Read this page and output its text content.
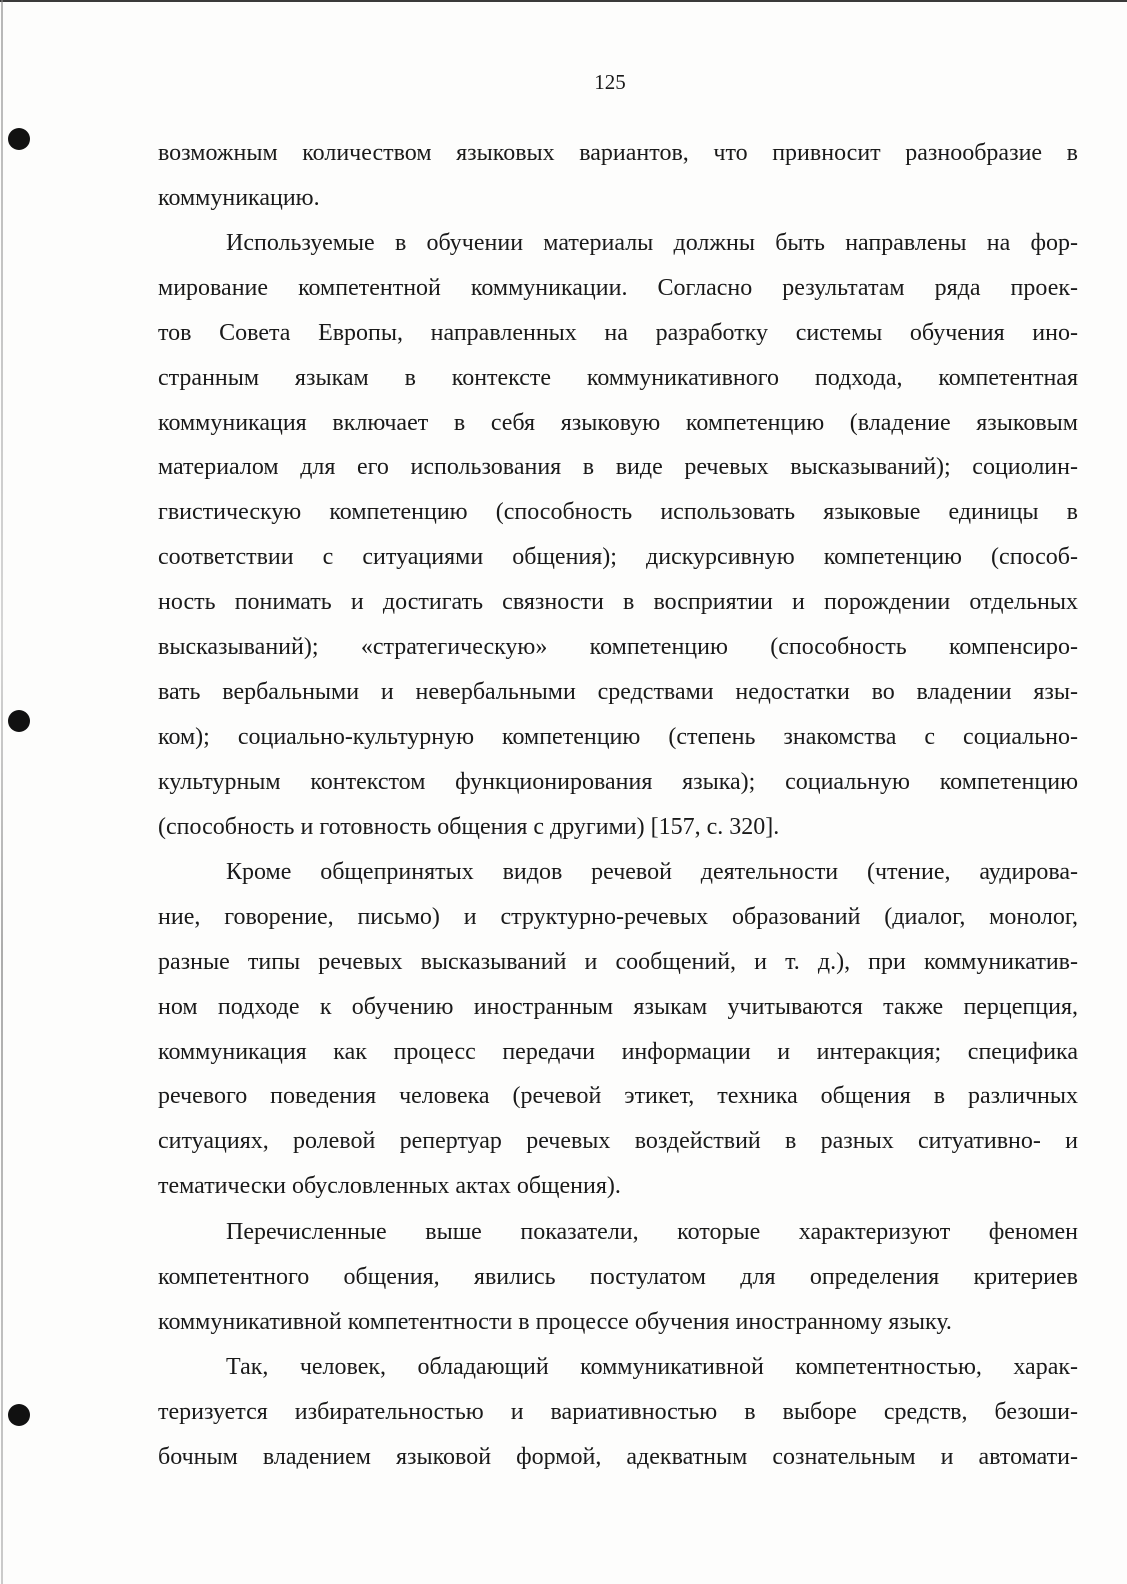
125
возможным количеством языковых вариантов, что привносит разнообразие в
коммуникацию.
Используемые в обучении материалы должны быть направлены на фор-
мирование компетентной коммуникации. Согласно результатам ряда проек-
тов Совета Европы, направленных на разработку системы обучения ино-
странным языкам в контексте коммуникативного подхода, компетентная
коммуникация включает в себя языковую компетенцию (владение языковым
материалом для его использования в виде речевых высказываний); социолин-
гвистическую компетенцию (способность использовать языковые единицы в
соответствии с ситуациями общения); дискурсивную компетенцию (способ-
ность понимать и достигать связности в восприятии и порождении отдельных
высказываний); «стратегическую» компетенцию (способность компенсиро-
вать вербальными и невербальными средствами недостатки во владении язы-
ком); социально-культурную компетенцию (степень знакомства с социально-
культурным контекстом функционирования языка); социальную компетенцию
(способность и готовность общения с другими) [157, с. 320].
Кроме общепринятых видов речевой деятельности (чтение, аудирова-
ние, говорение, письмо) и структурно-речевых образований (диалог, монолог,
разные типы речевых высказываний и сообщений, и т. д.), при коммуникатив-
ном подходе к обучению иностранным языкам учитываются также перцепция,
коммуникация как процесс передачи информации и интеракция; специфика
речевого поведения человека (речевой этикет, техника общения в различных
ситуациях, ролевой репертуар речевых воздействий в разных ситуативно- и
тематически обусловленных актах общения).
Перечисленные выше показатели, которые характеризуют феномен
компетентного общения, явились постулатом для определения критериев
коммуникативной компетентности в процессе обучения иностранному языку.
Так, человек, обладающий коммуникативной компетентностью, харак-
теризуется избирательностью и вариативностью в выборе средств, безоши-
бочным владением языковой формой, адекватным сознательным и автомати-
